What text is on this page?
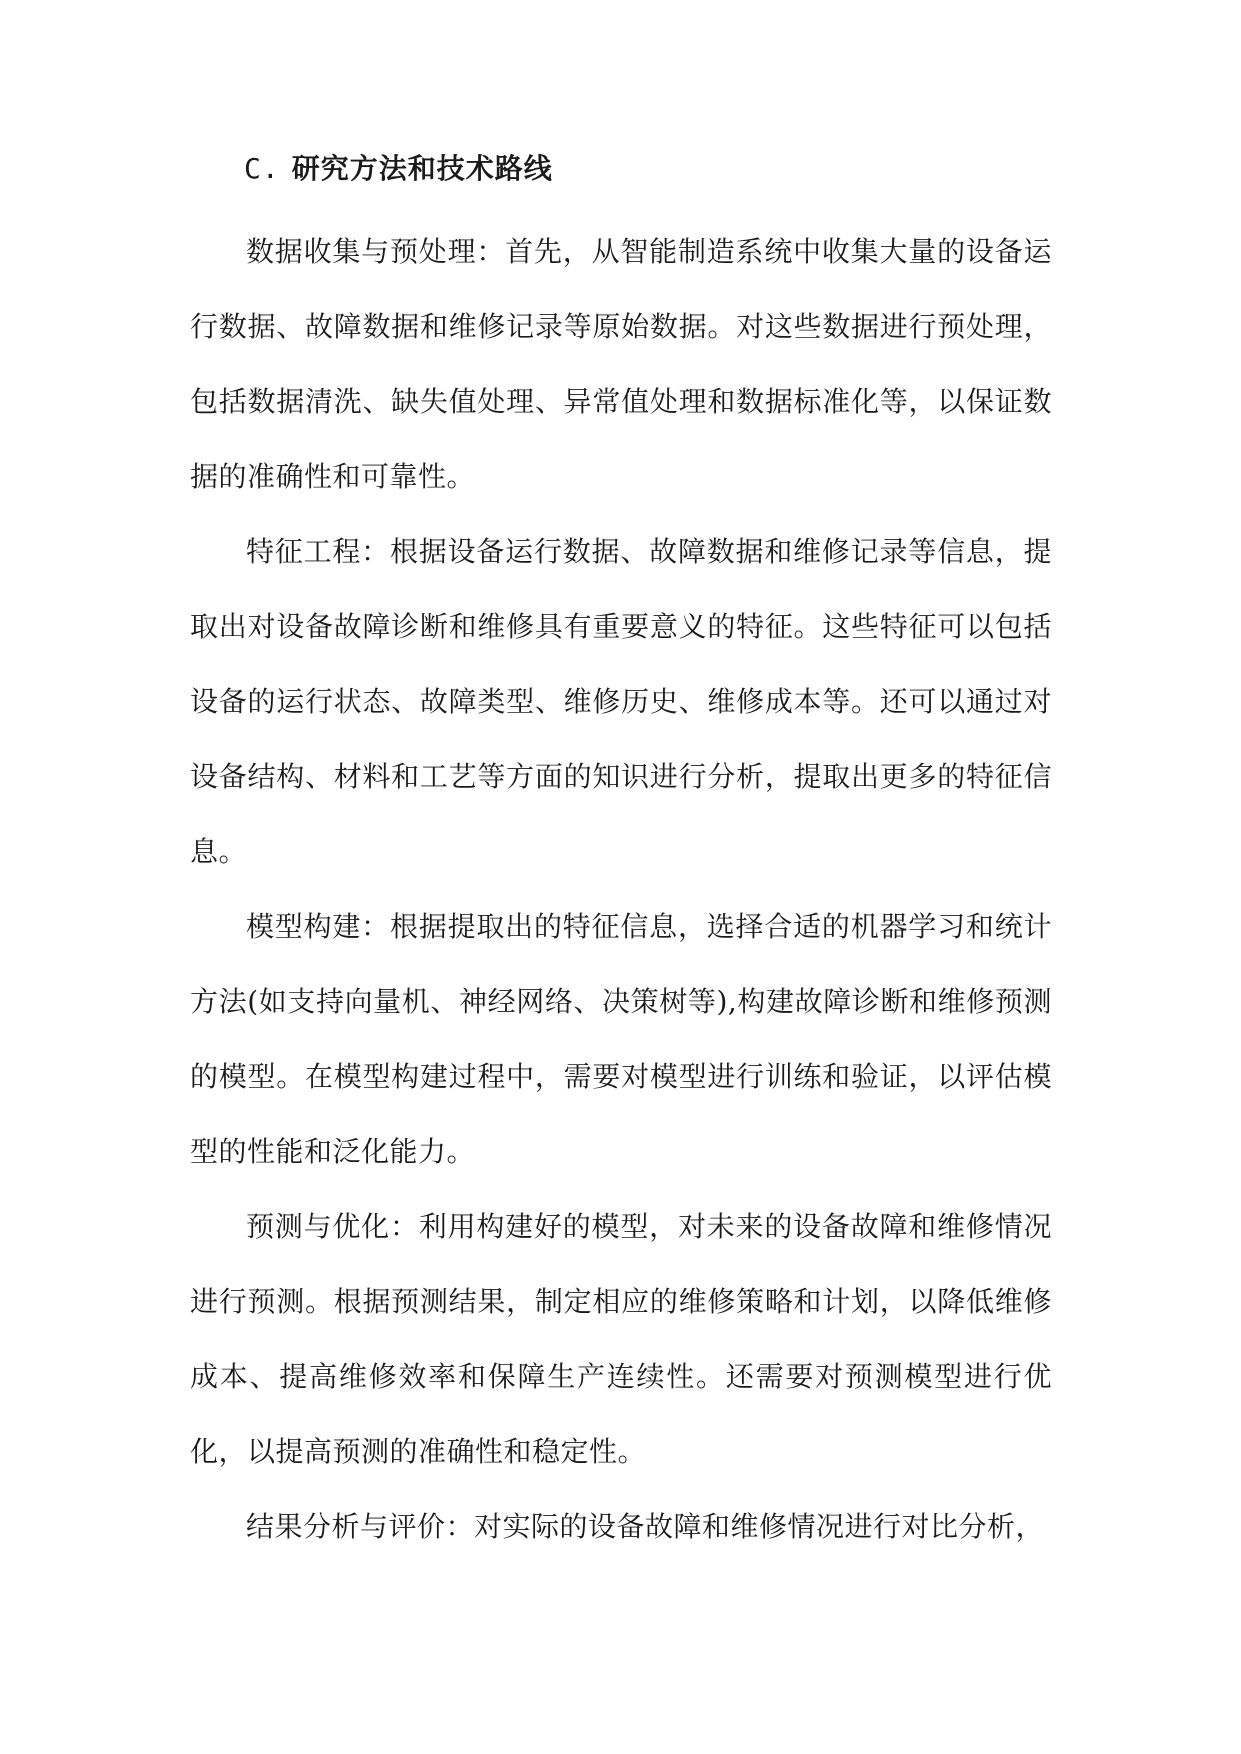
C. 研究方法和技术路线

数据收集与预处理：首先，从智能制造系统中收集大量的设备运行数据、故障数据和维修记录等原始数据。对这些数据进行预处理，包括数据清洗、缺失值处理、异常值处理和数据标准化等，以保证数据的准确性和可靠性。

特征工程：根据设备运行数据、故障数据和维修记录等信息，提取出对设备故障诊断和维修具有重要意义的特征。这些特征可以包括设备的运行状态、故障类型、维修历史、维修成本等。还可以通过对设备结构、材料和工艺等方面的知识进行分析，提取出更多的特征信息。

模型构建：根据提取出的特征信息，选择合适的机器学习和统计方法(如支持向量机、神经网络、决策树等),构建故障诊断和维修预测的模型。在模型构建过程中，需要对模型进行训练和验证，以评估模型的性能和泛化能力。

预测与优化：利用构建好的模型，对未来的设备故障和维修情况进行预测。根据预测结果，制定相应的维修策略和计划，以降低维修成本、提高维修效率和保障生产连续性。还需要对预测模型进行优化，以提高预测的准确性和稳定性。

结果分析与评价：对实际的设备故障和维修情况进行对比分析，
